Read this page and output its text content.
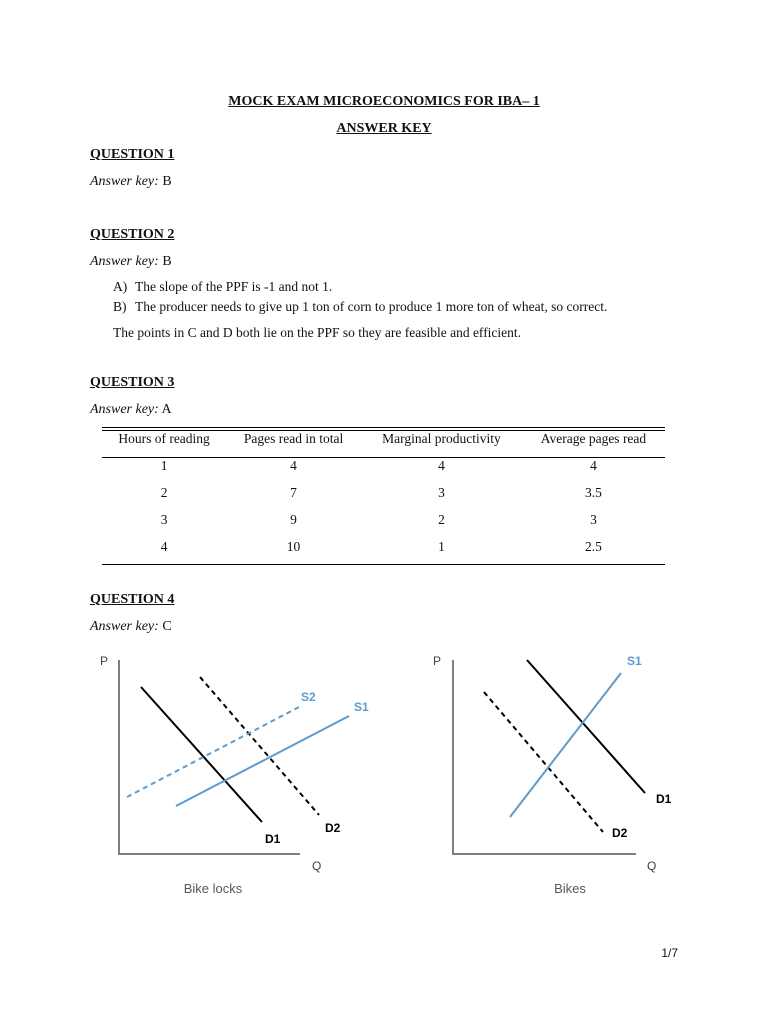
MOCK EXAM MICROECONOMICS FOR IBA– 1
ANSWER KEY
QUESTION 1
Answer key: B
QUESTION 2
Answer key: B
A) The slope of the PPF is -1 and not 1.
B) The producer needs to give up 1 ton of corn to produce 1 more ton of wheat, so correct.
The points in C and D both lie on the PPF so they are feasible and efficient.
QUESTION 3
Answer key: A
Hours of reading	Pages read in total	Marginal productivity	Average pages read
1	4	4	4
2	7	3	3.5
3	9	2	3
4	10	1	2.5
QUESTION 4
Answer key: C
P
Q
S2
S1
D1
D2
Bike locks
P
Q
S1
D1
D2
Bikes
1/7
